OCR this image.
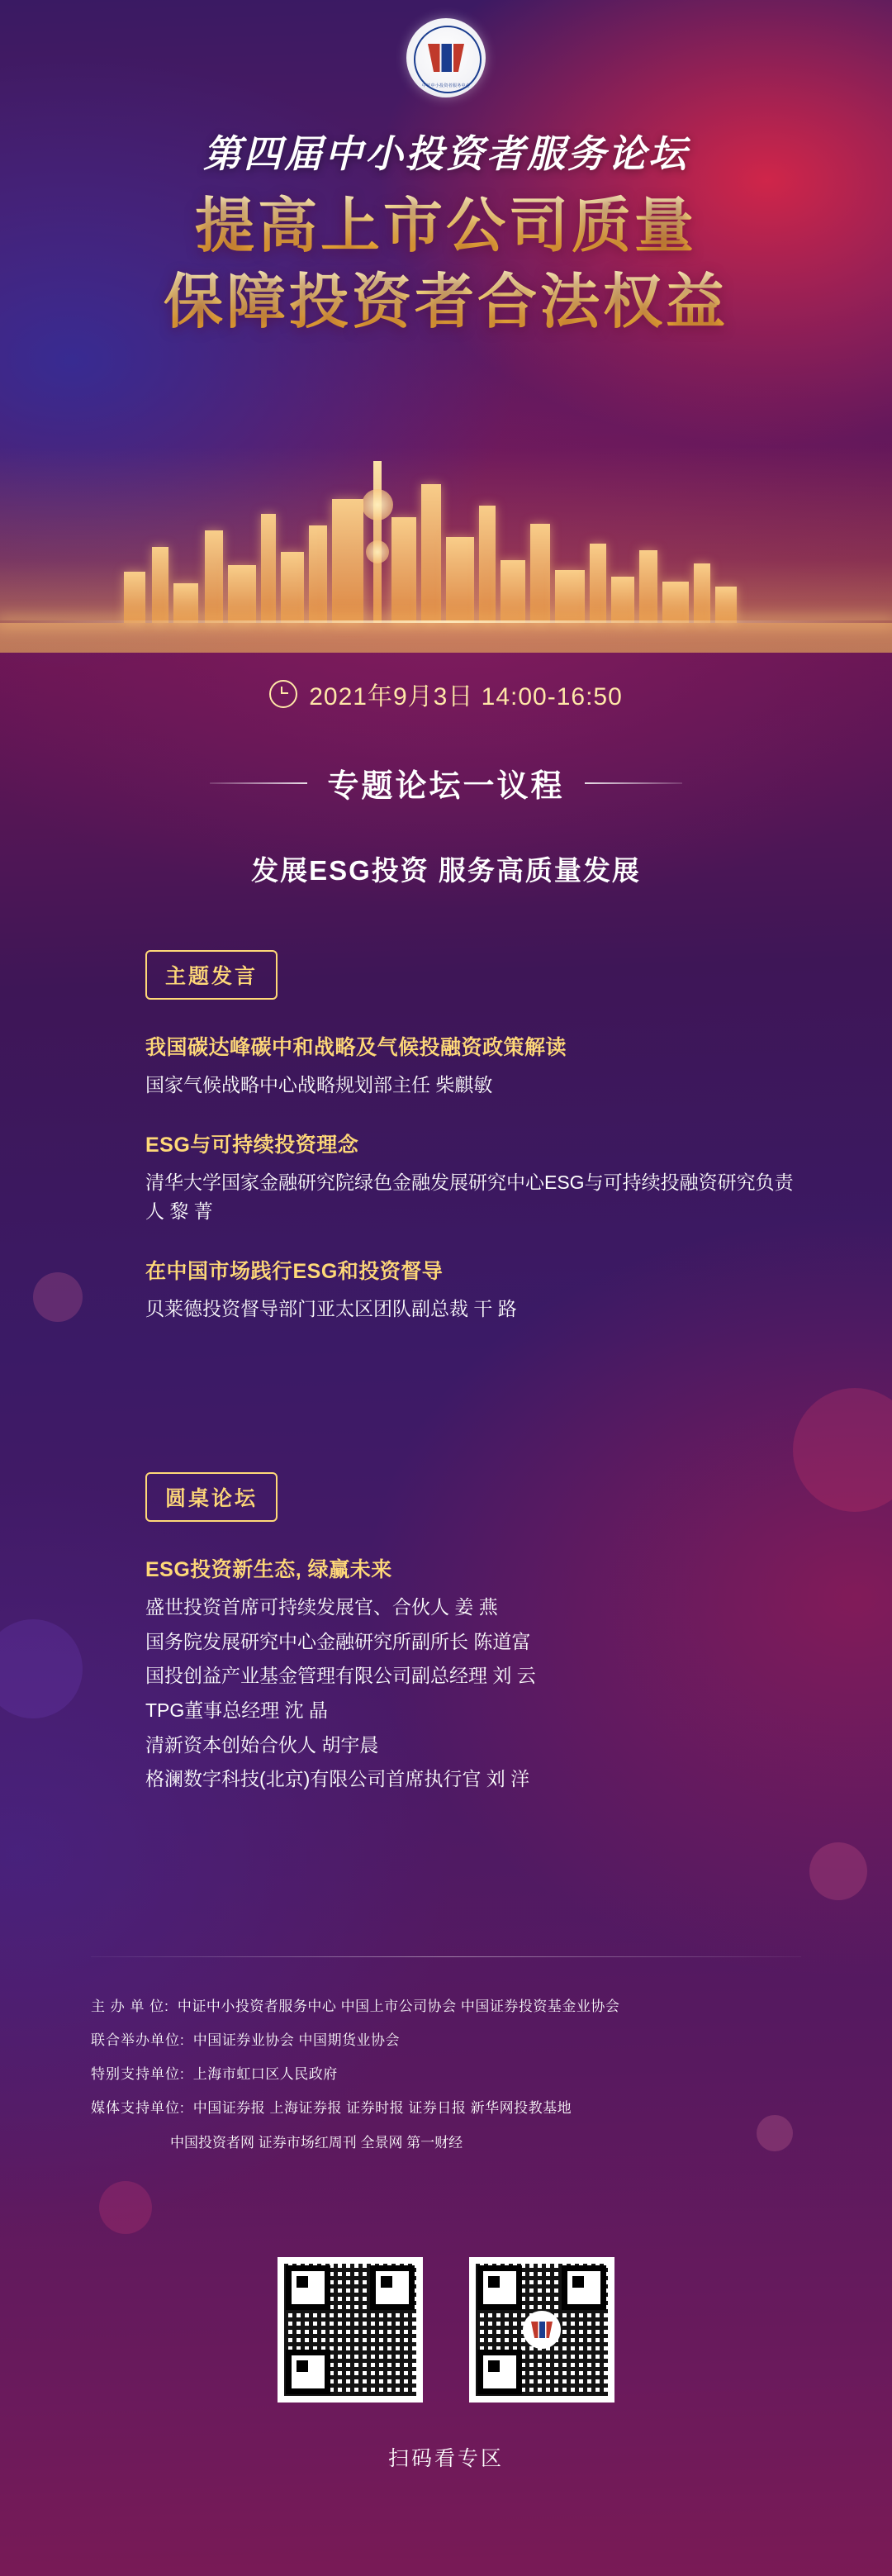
中证中小投资者服务中心
第四届中小投资者服务论坛
提高上市公司质量
保障投资者合法权益
2021年9月3日 14:00-16:50
专题论坛一议程
发展ESG投资 服务高质量发展
主题发言

我国碳达峰碳中和战略及气候投融资政策解读

国家气候战略中心战略规划部主任 柴麒敏

ESG与可持续投资理念

清华大学国家金融研究院绿色金融发展研究中心ESG与可持续投融资研究负责人 黎 菁

在中国市场践行ESG和投资督导

贝莱德投资督导部门亚太区团队副总裁 干 路

圆桌论坛

ESG投资新生态, 绿赢未来

盛世投资首席可持续发展官、合伙人 姜 燕

国务院发展研究中心金融研究所副所长 陈道富

国投创益产业基金管理有限公司副总经理 刘 云

TPG董事总经理 沈 晶

清新资本创始合伙人 胡宇晨

格澜数字科技(北京)有限公司首席执行官 刘 洋

主 办 单 位: 中证中小投资者服务中心 中国上市公司协会 中国证券投资基金业协会
联合举办单位: 中国证券业协会 中国期货业协会
特别支持单位: 上海市虹口区人民政府
媒体支持单位: 中国证券报 上海证券报 证券时报 证券日报 新华网投教基地
中国投资者网 证券市场红周刊 全景网 第一财经
扫码看专区
